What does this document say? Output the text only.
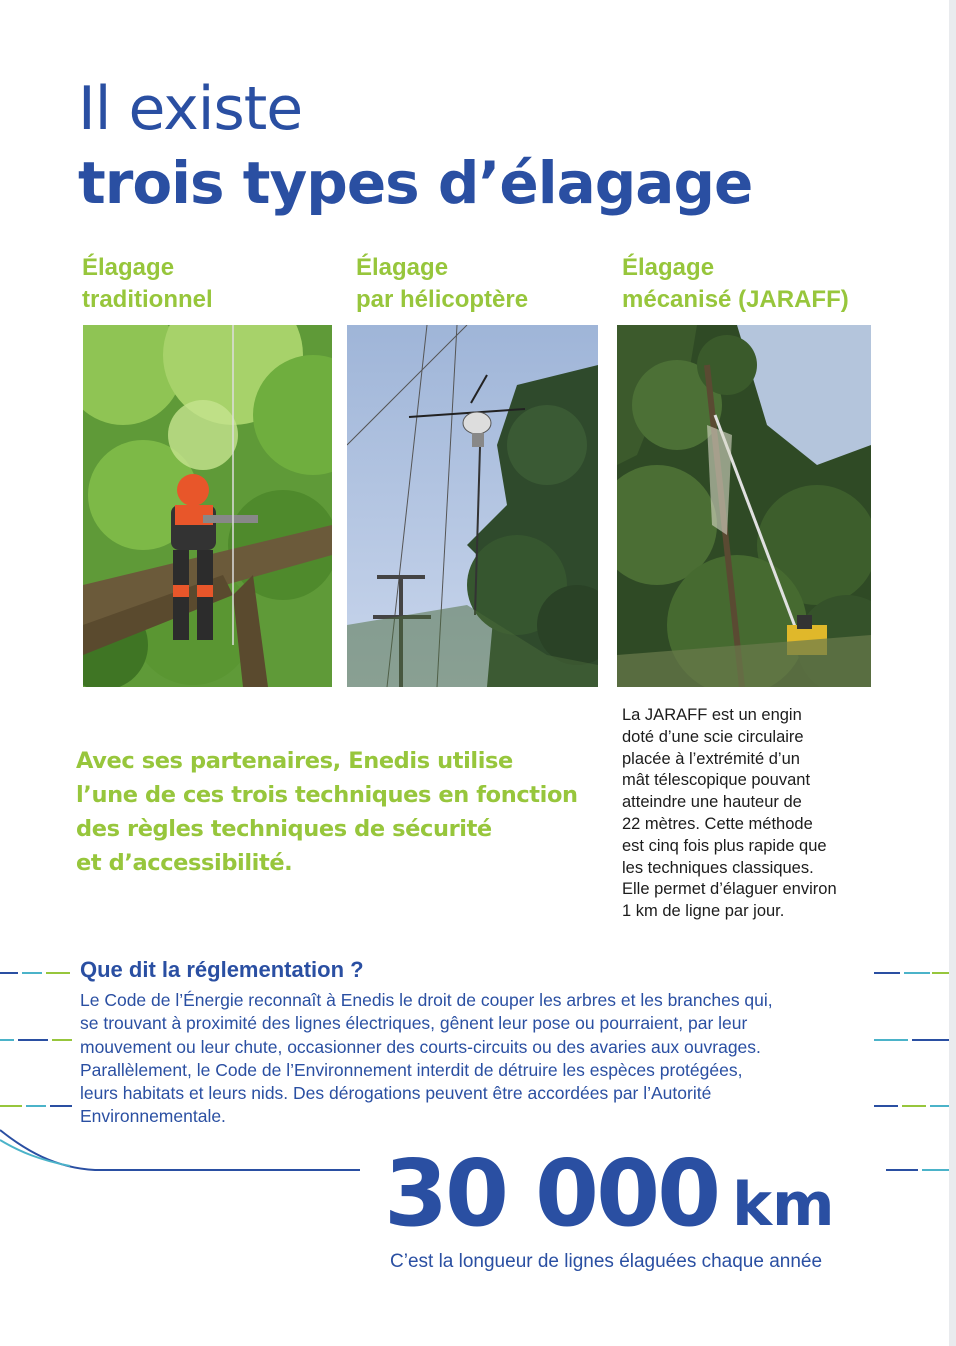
Il existe
trois types d’élagage
Élagage
traditionnel
Élagage
par hélicoptère
Élagage
mécanisé (JARAFF)
Avec ses partenaires, Enedis utilise
l’une de ces trois techniques en fonction
des règles techniques de sécurité
et d’accessibilité.
La JARAFF est un engin
doté d’une scie circulaire
placée à l’extrémité d’un
mât télescopique pouvant
atteindre une hauteur de
22 mètres. Cette méthode
est cinq fois plus rapide que
les techniques classiques.
Elle permet d’élaguer environ
1 km de ligne par jour.
Que dit la réglementation ?
Le Code de l’Énergie reconnaît à Enedis le droit de couper les arbres et les branches qui,
se trouvant à proximité des lignes électriques, gênent leur pose ou pourraient, par leur
mouvement ou leur chute, occasionner des courts-circuits ou des avaries aux ouvrages.
Parallèlement, le Code de l’Environnement interdit de détruire les espèces protégées,
leurs habitats et leurs nids. Des dérogations peuvent être accordées par l’Autorité
Environnementale.
30 000 km
C’est la longueur de lignes élaguées chaque année
